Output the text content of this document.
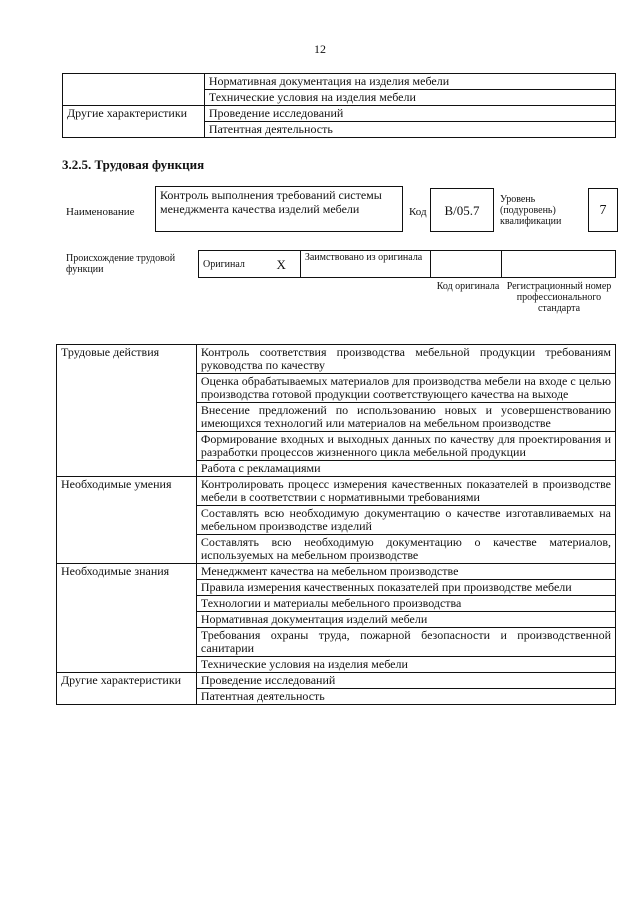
12
	Нормативная документация на изделия мебели
	Технические условия на изделия мебели
Другие характеристики	Проведение исследований
	Патентная деятельность
3.2.5. Трудовая функция
Наименование
Контроль выполнения требований системы менеджмента качества изделий мебели	Код	В/05.7
Уровень (подуровень) квалификации
7
Происхождение трудовой функции	Оригинал	X	Заимствовано из оригинала		
Код оригинала Регистрационный номер профессионального стандарта
Трудовые действия	Контроль соответствия производства мебельной продукции требованиям руководства по качеству
	Оценка обрабатываемых материалов для производства мебели на входе с целью производства готовой продукции соответствующего качества на выходе
	Внесение предложений по использованию новых и усовершенствованию имеющихся технологий или материалов на мебельном производстве
	Формирование входных и выходных данных по качеству для проектирования и разработки процессов жизненного цикла мебельной продукции
	Работа с рекламациями
Необходимые умения	Контролировать процесс измерения качественных показателей в производстве мебели в соответствии с нормативными требованиями
	Составлять всю необходимую документацию о качестве изготавливаемых на мебельном производстве изделий
	Составлять всю необходимую документацию о качестве материалов, используемых на мебельном производстве
Необходимые знания	Менеджмент качества на мебельном производстве
	Правила измерения качественных показателей при производстве мебели
	Технологии и материалы мебельного производства
	Нормативная документация изделий мебели
	Требования охраны труда, пожарной безопасности и производственной санитарии
	Технические условия на изделия мебели
Другие характеристики	Проведение исследований
	Патентная деятельность
